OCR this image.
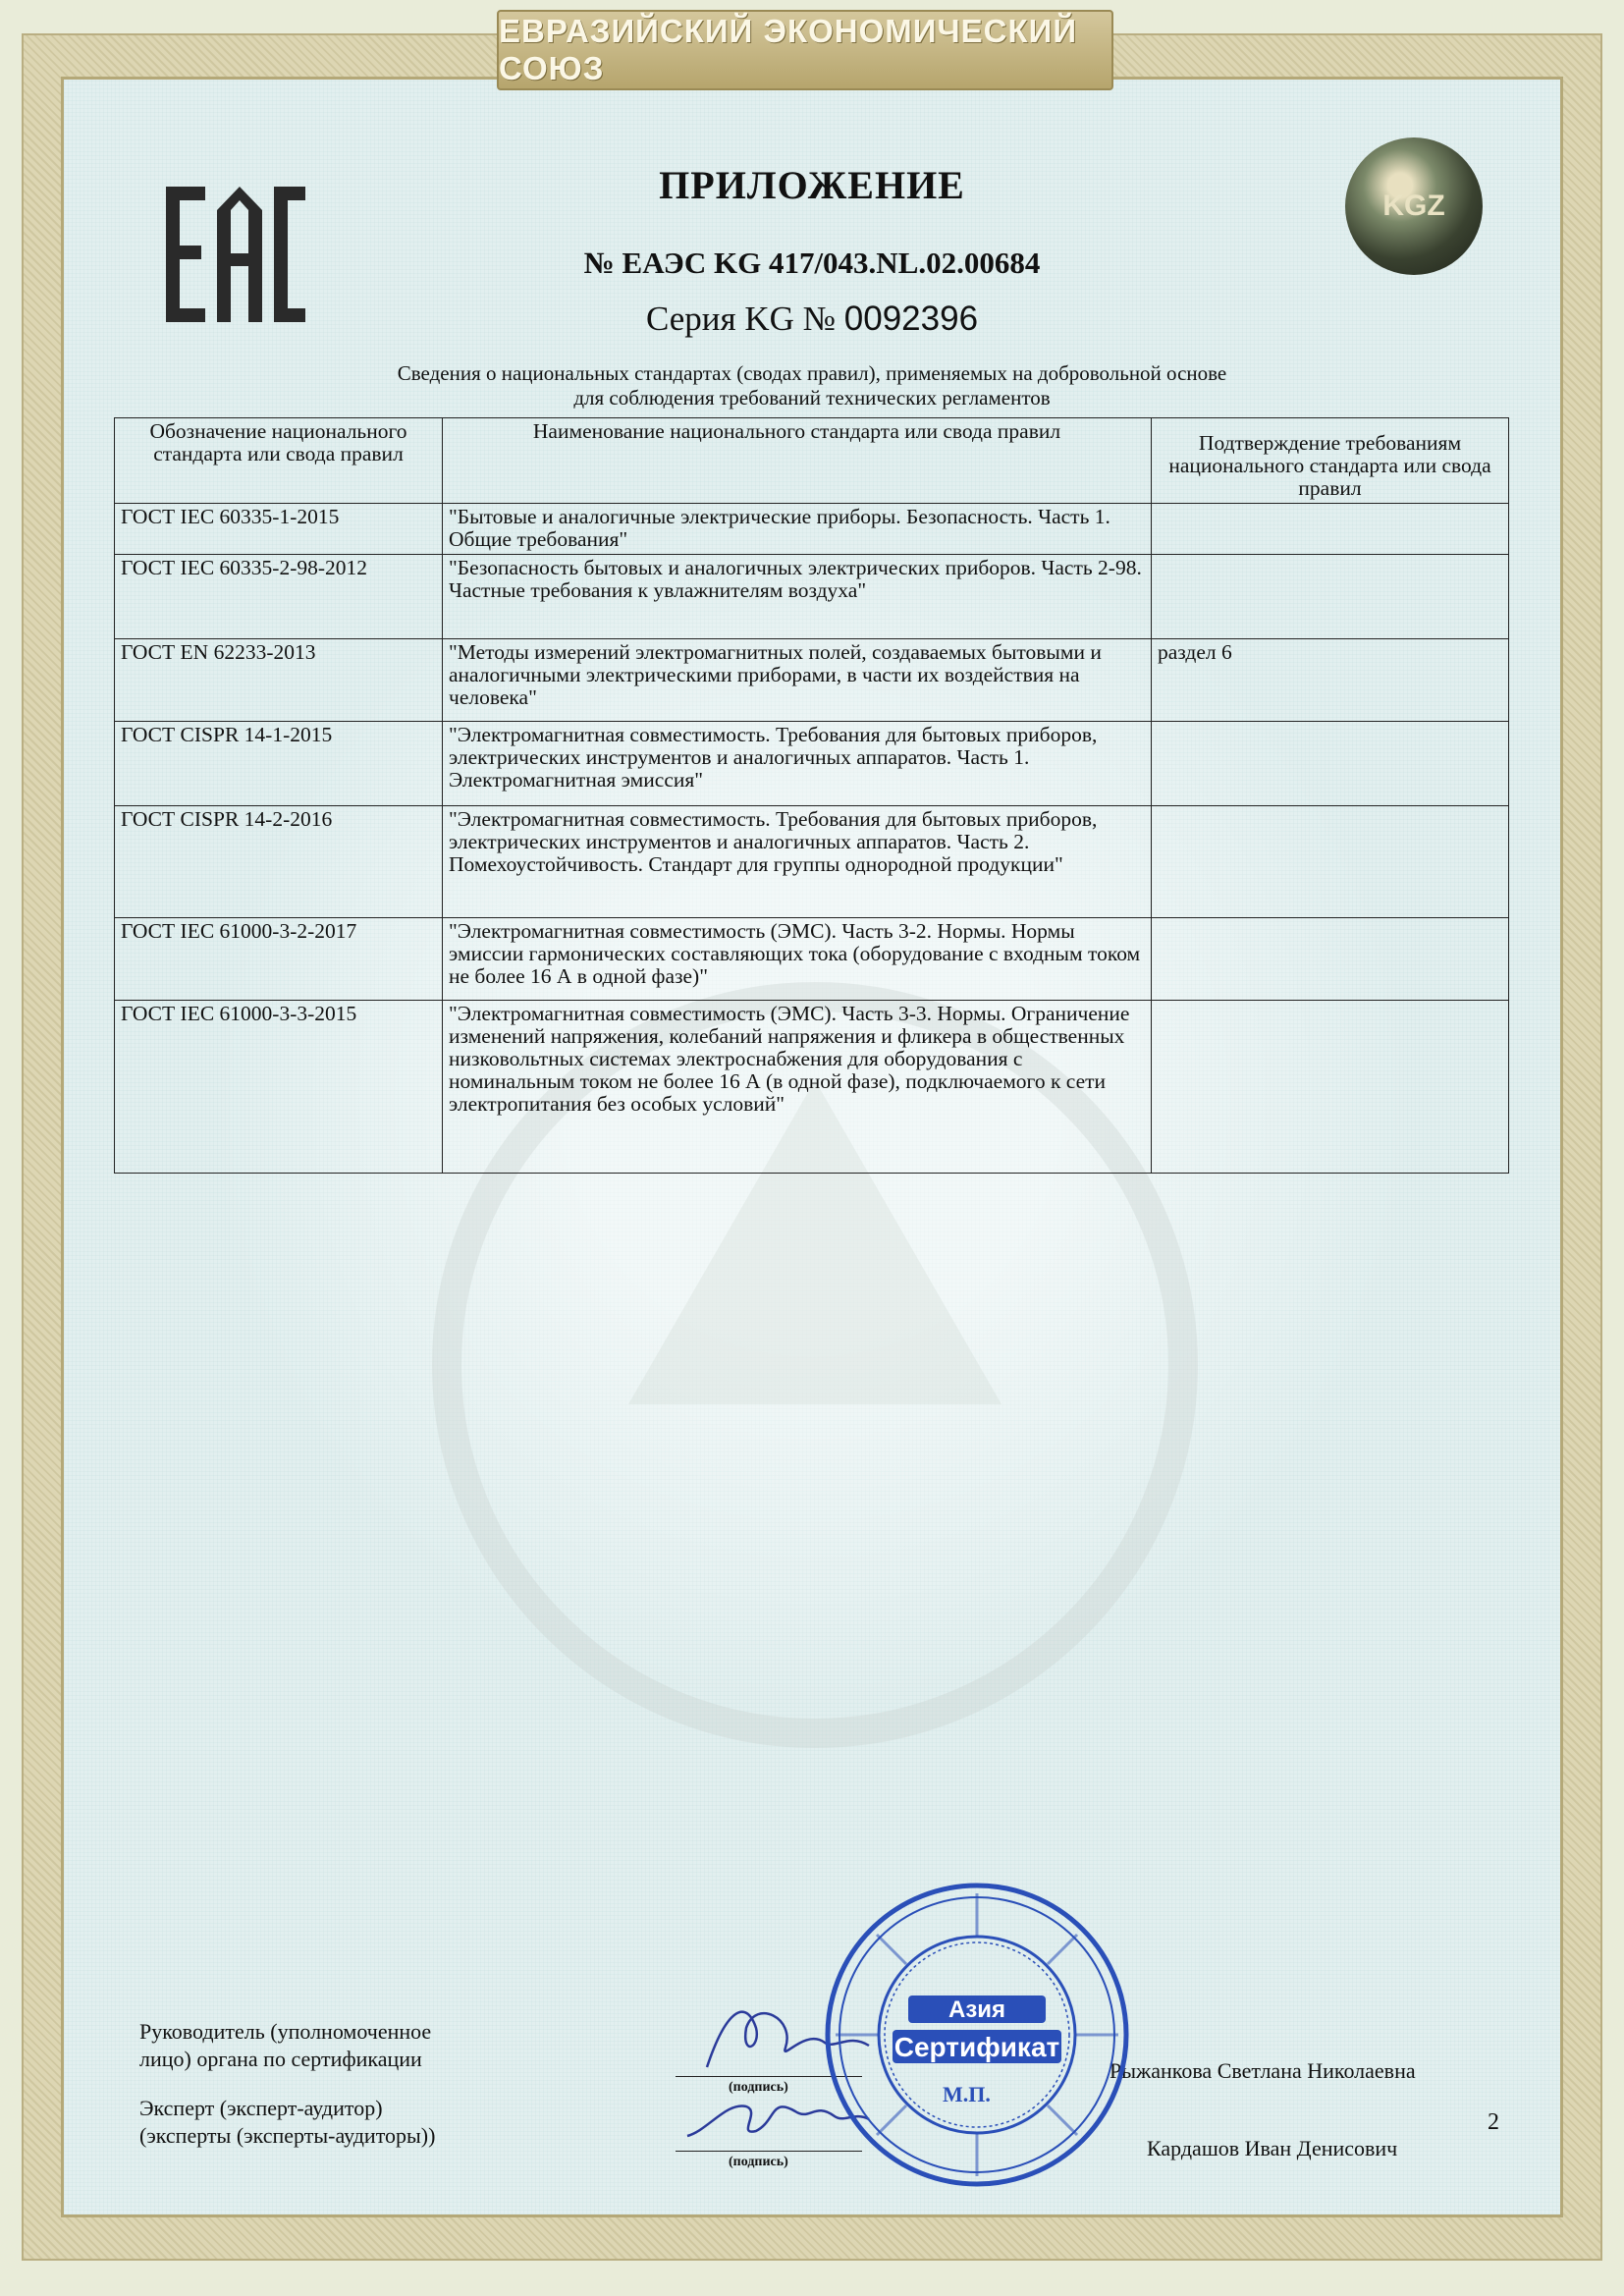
ЕВРАЗИЙСКИЙ ЭКОНОМИЧЕСКИЙ СОЮЗ
KGZ
ПРИЛОЖЕНИЕ
№ ЕАЭС KG 417/043.NL.02.00684
Серия KG № 0092396
Сведения о национальных стандартах (сводах правил), применяемых на добровольной основе
для соблюдения требований технических регламентов
Обозначение национального стандарта или свода правил	Наименование национального стандарта или свода правил	Подтверждение требованиям национального стандарта или свода правил
ГОСТ IEC 60335-1-2015	"Бытовые и аналогичные электрические приборы. Безопасность. Часть 1. Общие требования"	
ГОСТ IEC 60335-2-98-2012	"Безопасность бытовых и аналогичных электрических приборов. Часть 2-98. Частные требования к увлажнителям воздуха"	
ГОСТ EN 62233-2013	"Методы измерений электромагнитных полей, создаваемых бытовыми и аналогичными электрическими приборами, в части их воздействия на человека"	раздел 6
ГОСТ CISPR 14-1-2015	"Электромагнитная совместимость. Требования для бытовых приборов, электрических инструментов и аналогичных аппаратов. Часть 1. Электромагнитная эмиссия"	
ГОСТ CISPR 14-2-2016	"Электромагнитная совместимость. Требования для бытовых приборов, электрических инструментов и аналогичных аппаратов. Часть 2. Помехоустойчивость. Стандарт для группы однородной продукции"	
ГОСТ IEC 61000-3-2-2017	"Электромагнитная совместимость (ЭМС). Часть 3-2. Нормы. Нормы эмиссии гармонических составляющих тока (оборудование с входным током не более 16 А в одной фазе)"	
ГОСТ IEC 61000-3-3-2015	"Электромагнитная совместимость (ЭМС). Часть 3-3. Нормы. Ограничение изменений напряжения, колебаний напряжения и фликера в общественных низковольтных системах электроснабжения для оборудования с номинальным током не более 16 А (в одной фазе), подключаемого к сети электропитания без особых условий"	
Руководитель (уполномоченное
лицо) органа по сертификации
Эксперт (эксперт-аудитор)
(эксперты (эксперты-аудиторы))
(подпись)
(подпись)
Рыжанкова Светлана Николаевна
Кардашов Иван Денисович
Азия
Сертификат
М.П.
2
